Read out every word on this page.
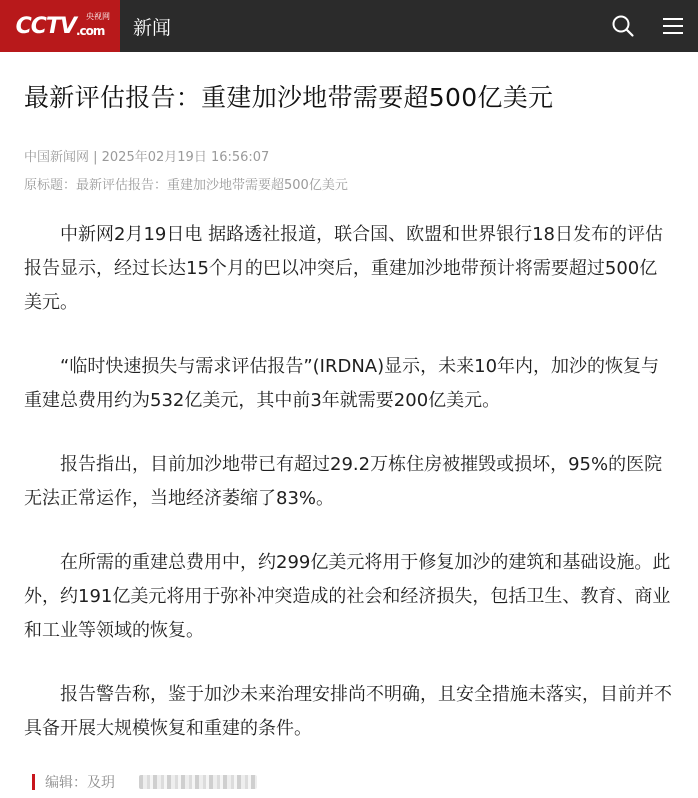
CCTV.com
央视网 新闻
最新评估报告：重建加沙地带需要超500亿美元
中国新闻网 | 2025年02月19日 16:56:07
原标题：最新评估报告：重建加沙地带需要超500亿美元

中新网2月19日电 据路透社报道，联合国、欧盟和世界银行18日发布的评估报告显示，经过长达15个月的巴以冲突后，重建加沙地带预计将需要超过500亿美元。

“临时快速损失与需求评估报告”(IRDNA)显示，未来10年内，加沙的恢复与重建总费用约为532亿美元，其中前3年就需要200亿美元。

报告指出，目前加沙地带已有超过29.2万栋住房被摧毁或损坏，95%的医院无法正常运作，当地经济萎缩了83%。

在所需的重建总费用中，约299亿美元将用于修复加沙的建筑和基础设施。此外，约191亿美元将用于弥补冲突造成的社会和经济损失，包括卫生、教育、商业和工业等领域的恢复。

报告警告称，鉴于加沙未来治理安排尚不明确，且安全措施未落实，目前并不具备开展大规模恢复和重建的条件。

编辑：及玥
